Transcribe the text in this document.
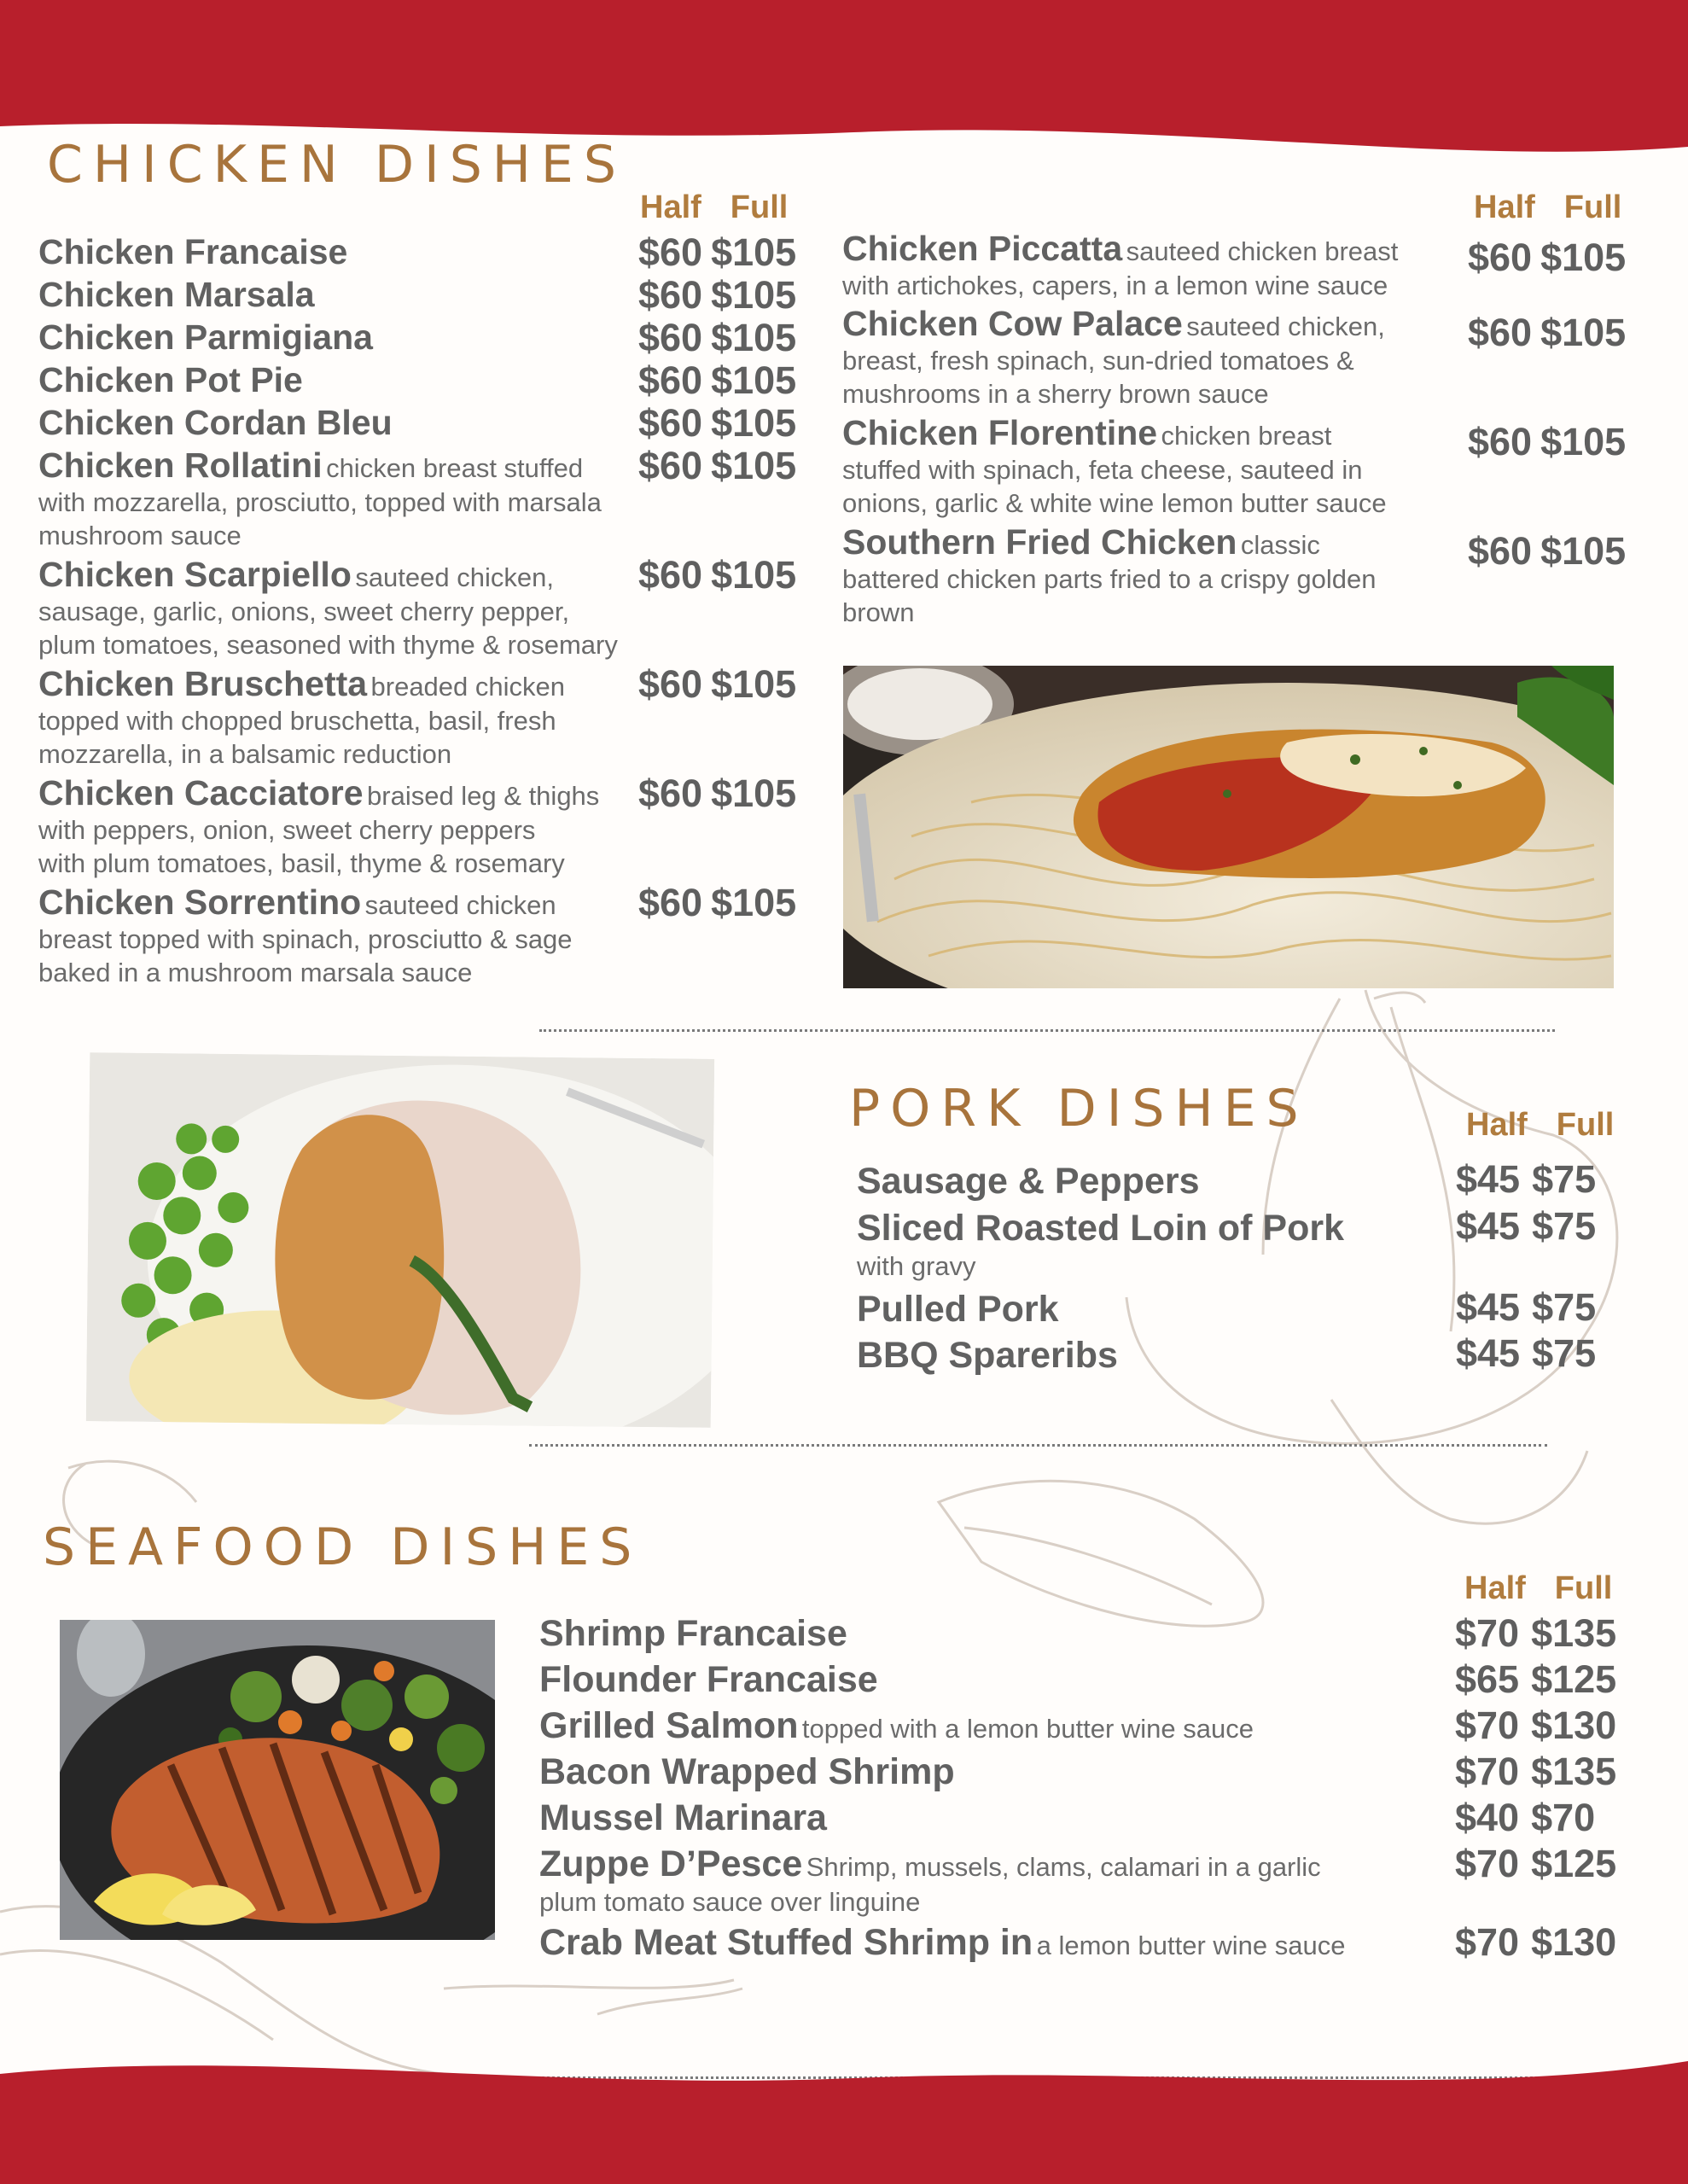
CHICKEN DISHES
Half Full	Half Full
Chicken Francaise	$60 $105
Chicken Marsala	$60 $105
Chicken Parmigiana	$60 $105
Chicken Pot Pie	$60 $105
Chicken Cordan Bleu	$60 $105
Chicken Rollatini chicken breast stuffed
with mozzarella, prosciutto, topped with marsala
mushroom sauce
$60 $105
Chicken Scarpiello sauteed chicken,
sausage, garlic, onions, sweet cherry pepper,
plum tomatoes, seasoned with thyme & rosemary
$60 $105
Chicken Bruschetta breaded chicken
topped with chopped bruschetta, basil, fresh
mozzarella, in a balsamic reduction
$60 $105
Chicken Cacciatore braised leg & thighs
with peppers, onion, sweet cherry peppers
with plum tomatoes, basil, thyme & rosemary
$60 $105
Chicken Sorrentino sauteed chicken
breast topped with spinach, prosciutto & sage
baked in a mushroom marsala sauce
$60 $105
Chicken Piccatta sauteed chicken breast
with artichokes, capers, in a lemon wine sauce
$60 $105
Chicken Cow Palace sauteed chicken,
breast, fresh spinach, sun-dried tomatoes &
mushrooms in a sherry brown sauce
$60 $105
Chicken Florentine chicken breast
stuffed with spinach, feta cheese, sauteed in
onions, garlic & white wine lemon butter sauce
$60 $105
Southern Fried Chicken classic
battered chicken parts fried to a crispy golden
brown
$60 $105
PORK DISHES	Half Full
Sausage & Peppers	$45 $75
Sliced Roasted Loin of Pork
with gravy
$45 $75
Pulled Pork	$45 $75
BBQ Spareribs	$45 $75
SEAFOOD DISHES
Half Full
Shrimp Francaise	$70 $135
Flounder Francaise	$65 $125
Grilled Salmon topped with a lemon butter wine sauce	$70 $130
Bacon Wrapped Shrimp	$70 $135
Mussel Marinara	$40 $70
Zuppe D’Pesce Shrimp, mussels, clams, calamari in a garlic
plum tomato sauce over linguine
$70 $125
Crab Meat Stuffed Shrimp in a lemon butter wine sauce	$70 $130
